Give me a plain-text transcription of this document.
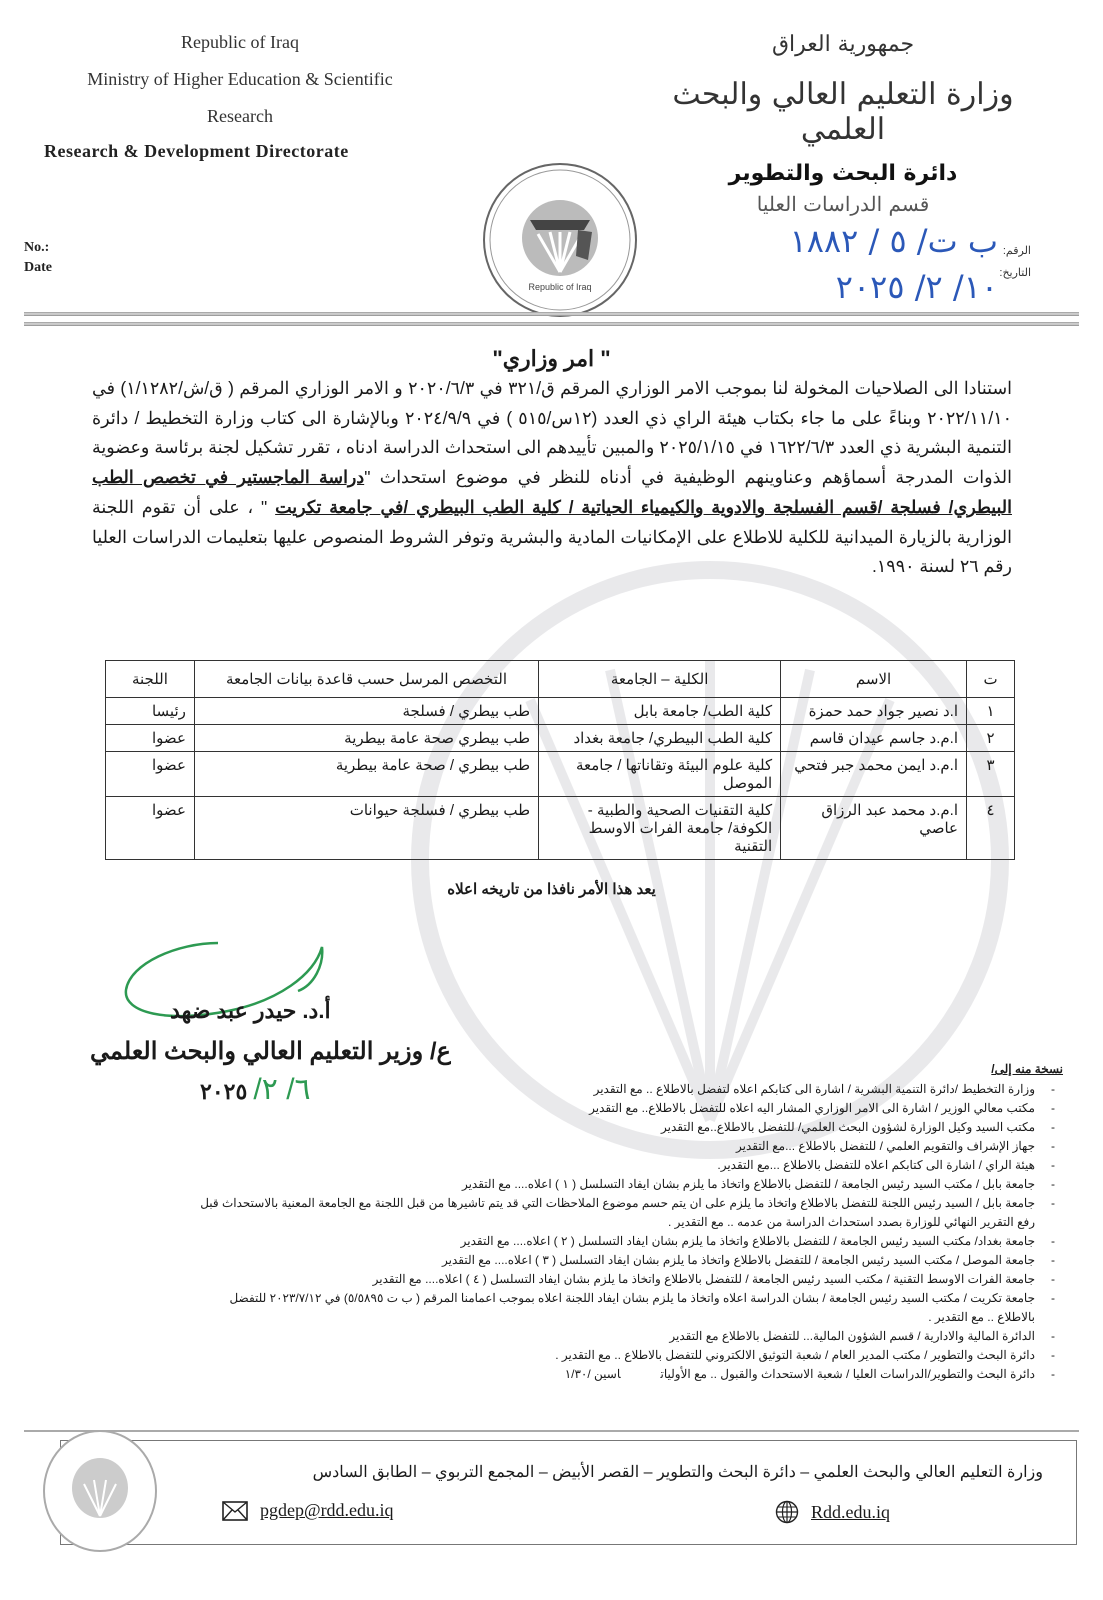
Republic of Iraq
Ministry of Higher Education & Scientific
Research
Research & Development Directorate
No.:
Date
جمهورية العراق
وزارة التعليم العالي والبحث العلمي
دائرة البحث والتطوير
قسم الدراسات العليا
الرقم:
التاريخ:
ب ت/ ٥ / ١٨٨٢
١٠/ ٢/ ٢٠٢٥
Republic of Iraq
" امر وزاري"
استنادا الى الصلاحيات المخولة لنا بموجب الامر الوزاري المرقم ق/٣٢١ في ٢٠٢٠/٦/٣ و الامر الوزاري المرقم ( ق/ش/١/١٢٨٢) في ٢٠٢٢/١١/١٠ وبناءً على ما جاء بكتاب هيئة الراي ذي العدد (١٢س/٥١٥ ) في ٢٠٢٤/٩/٩ وبالإشارة الى كتاب وزارة التخطيط / دائرة التنمية البشرية ذي العدد ١٦٢٢/٦/٣ في ٢٠٢٥/١/١٥ والمبين تأييدهم الى استحداث الدراسة ادناه ، تقرر تشكيل لجنة برئاسة وعضوية الذوات المدرجة أسماؤهم وعناوينهم الوظيفية في أدناه للنظر في موضوع استحداث "دراسة الماجستير في تخصص الطب البيطري/ فسلجة /قسم الفسلجة والادوية والكيمياء الحياتية / كلية الطب البيطري /في جامعة تكريت " ، على أن تقوم اللجنة الوزارية بالزيارة الميدانية للكلية للاطلاع على الإمكانيات المادية والبشرية وتوفر الشروط المنصوص عليها بتعليمات الدراسات العليا رقم ٢٦ لسنة ١٩٩٠.
ت	الاسم	الكلية – الجامعة	التخصص المرسل حسب قاعدة بيانات الجامعة	اللجنة
١	ا.د نصير جواد حمد حمزة	كلية الطب/ جامعة بابل	طب بيطري / فسلجة	رئيسا
٢	ا.م.د جاسم عيدان قاسم	كلية الطب البيطري/ جامعة بغداد	طب بيطري صحة عامة بيطرية	عضوا
٣	ا.م.د ايمن محمد جبر فتحي	كلية علوم البيئة وتقاناتها / جامعة الموصل	طب بيطري / صحة عامة بيطرية	عضوا
٤	ا.م.د محمد عبد الرزاق عاصي	كلية التقنيات الصحية والطبية - الكوفة/ جامعة الفرات الاوسط التقنية	طب بيطري / فسلجة حيوانات	عضوا
يعد هذا الأمر نافذا من تاريخه اعلاه
أ.د. حيدر عبد ضهد
ع/ وزير التعليم العالي والبحث العلمي
٦/ ٢/ ٢٠٢٥
نسخة منه إلى/
- وزارة التخطيط /دائرة التنمية البشرية / اشارة الى كتابكم اعلاه لتفضل بالاطلاع .. مع التقدير
- مكتب معالي الوزير / اشارة الى الامر الوزاري المشار اليه اعلاه للتفضل بالاطلاع.. مع التقدير
- مكتب السيد وكيل الوزارة لشؤون البحث العلمي/ للتفضل بالاطلاع..مع التقدير
- جهاز الإشراف والتقويم العلمي / للتفضل بالاطلاع ...مع التقدير
- هيئة الراي / اشارة الى كتابكم اعلاه للتفضل بالاطلاع ...مع التقدير.
- جامعة بابل / مكتب السيد رئيس الجامعة / للتفضل بالاطلاع واتخاذ ما يلزم بشان ايفاد التسلسل ( ١ ) اعلاه.... مع التقدير
- جامعة بابل / السيد رئيس اللجنة للتفضل بالاطلاع واتخاذ ما يلزم على ان يتم حسم موضوع الملاحظات التي قد يتم تاشيرها من قبل اللجنة مع الجامعة المعنية بالاستحداث قبل
رفع التقرير النهائي للوزارة بصدد استحداث الدراسة من عدمه .. مع التقدير .
- جامعة بغداد/ مكتب السيد رئيس الجامعة / للتفضل بالاطلاع واتخاذ ما يلزم بشان ايفاد التسلسل ( ٢ ) اعلاه.... مع التقدير
- جامعة الموصل / مكتب السيد رئيس الجامعة / للتفضل بالاطلاع واتخاذ ما يلزم بشان ايفاد التسلسل ( ٣ ) اعلاه.... مع التقدير
- جامعة الفرات الاوسط التقنية / مكتب السيد رئيس الجامعة / للتفضل بالاطلاع واتخاذ ما يلزم بشان ايفاد التسلسل ( ٤ ) اعلاه.... مع التقدير
- جامعة تكريت / مكتب السيد رئيس الجامعة / بشان الدراسة اعلاه واتخاذ ما يلزم بشان ايفاد اللجنة اعلاه بموجب اعمامنا المرقم ( ب ت ٥/٥٨٩٥) في ٢٠٢٣/٧/١٢ للتفضل
بالاطلاع .. مع التقدير .
- الدائرة المالية والادارية / قسم الشؤون المالية... للتفضل بالاطلاع مع التقدير
- دائرة البحث والتطوير / مكتب المدير العام / شعبة التوثيق الالكتروني للتفضل بالاطلاع .. مع التقدير .
- دائرة البحث والتطوير/الدراسات العليا / شعبة الاستحداث والقبول .. مع الأولياتاسين /١/٣٠
وزارة التعليم العالي والبحث العلمي – دائرة البحث والتطوير – القصر الأبيض – المجمع التربوي – الطابق السادس
pgdep@rdd.edu.iq	Rdd.edu.iq
